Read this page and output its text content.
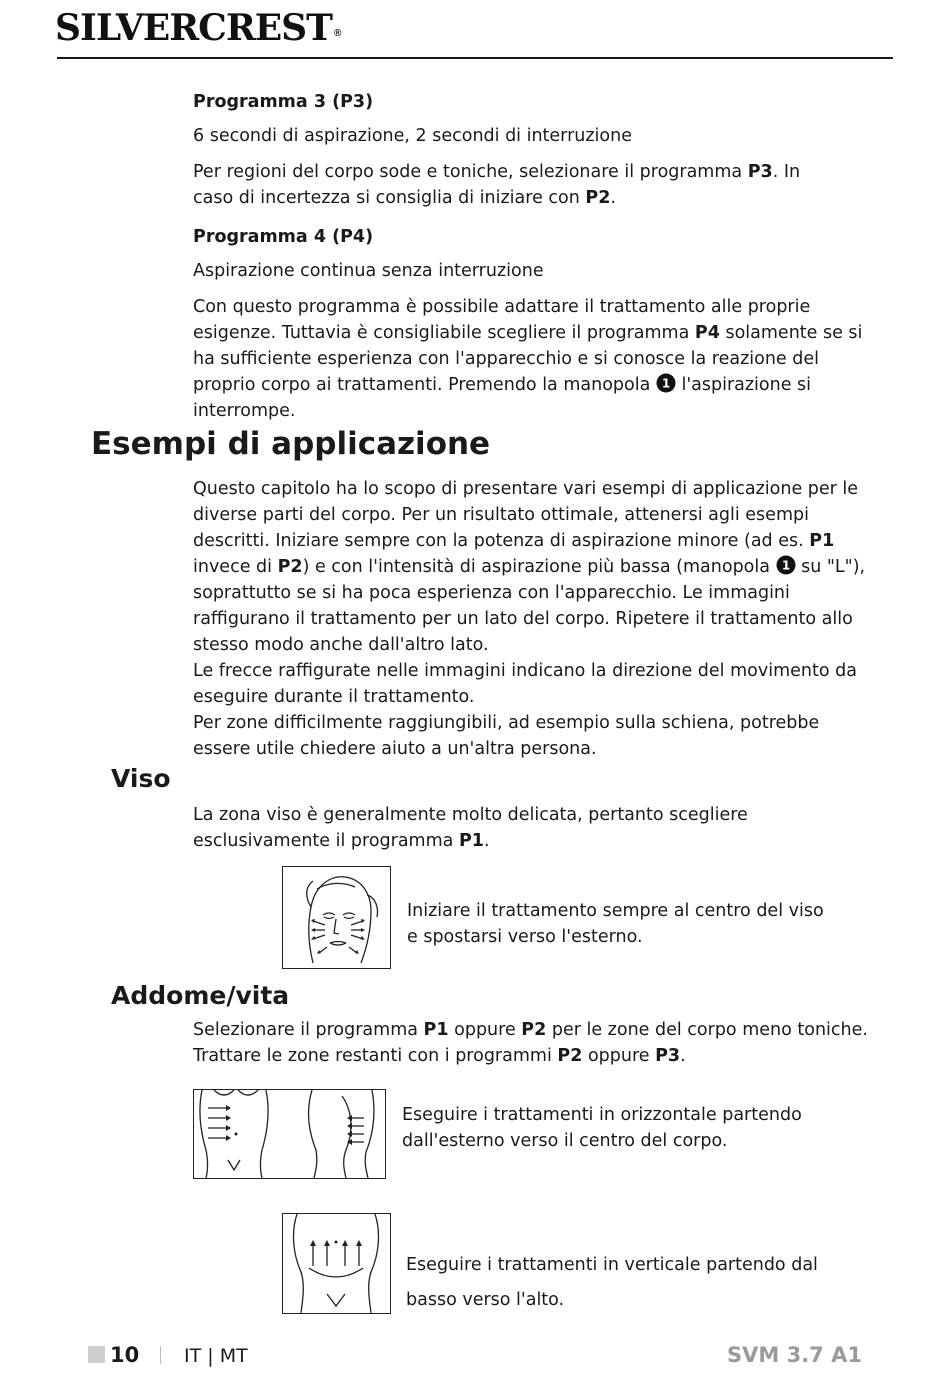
SILVERCREST ®

Programma 3 (P3)

6 secondi di aspirazione, 2 secondi di interruzione

Per regioni del corpo sode e toniche, selezionare il programma P3. In caso di incertezza si consiglia di iniziare con P2.

Programma 4 (P4)

Aspirazione continua senza interruzione

Con questo programma è possibile adattare il trattamento alle proprie esigenze. Tuttavia è consigliabile scegliere il programma P4 solamente se si ha sufficiente esperienza con l'apparecchio e si conosce la reazione del proprio corpo ai trattamenti. Premendo la manopola 1 l'aspirazione si interrompe.

Esempi di applicazione

Questo capitolo ha lo scopo di presentare vari esempi di applicazione per le diverse parti del corpo. Per un risultato ottimale, attenersi agli esempi descritti. Iniziare sempre con la potenza di aspirazione minore (ad es. P1 invece di P2) e con l'intensità di aspirazione più bassa (manopola 1 su "L"), soprattutto se si ha poca esperienza con l'apparecchio. Le immagini raffigurano il trattamento per un lato del corpo. Ripetere il trattamento allo stesso modo anche dall'altro lato.

Le frecce raffigurate nelle immagini indicano la direzione del movimento da eseguire durante il trattamento.

Per zone difficilmente raggiungibili, ad esempio sulla schiena, potrebbe essere utile chiedere aiuto a un'altra persona.

Viso
La zona viso è generalmente molto delicata, pertanto scegliere esclusivamente il programma P1.
Iniziare il trattamento sempre al centro del viso e spostarsi verso l'esterno.
Addome/vita

Selezionare il programma P1 oppure P2 per le zone del corpo meno toniche.

Trattare le zone restanti con i programmi P2 oppure P3.

Eseguire i trattamenti in orizzontale partendo dall'esterno verso il centro del corpo.
Eseguire i trattamenti in verticale partendo dal basso verso l'alto.
10 IT | MT	SVM 3.7 A1
